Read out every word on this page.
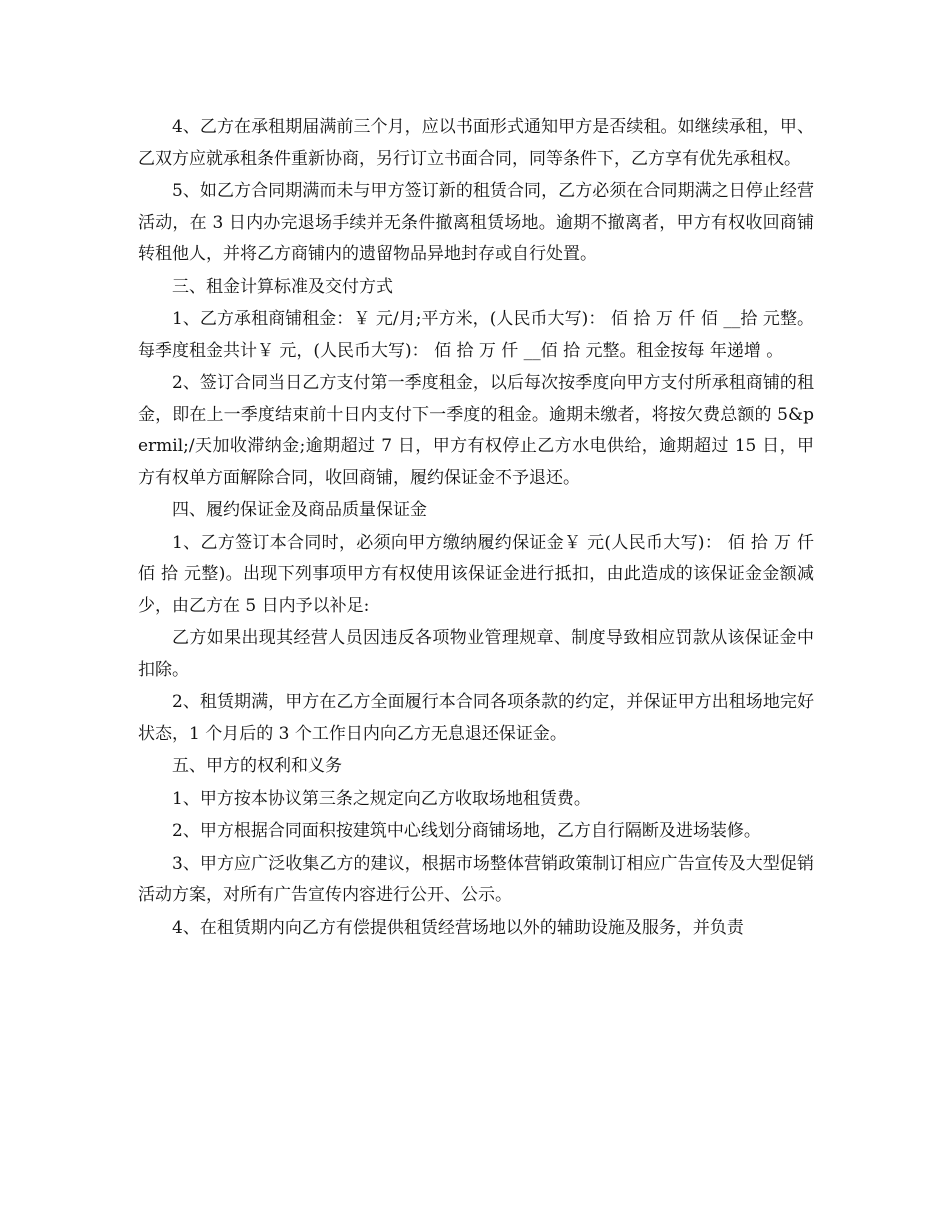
4、乙方在承租期届满前三个月，应以书面形式通知甲方是否续租。如继续承租，甲、乙双方应就承租条件重新协商，另行订立书面合同，同等条件下，乙方享有优先承租权。

5、如乙方合同期满而未与甲方签订新的租赁合同，乙方必须在合同期满之日停止经营活动，在 3 日内办完退场手续并无条件撤离租赁场地。逾期不撤离者，甲方有权收回商铺转租他人，并将乙方商铺内的遗留物品异地封存或自行处置。

三、租金计算标准及交付方式

1、乙方承租商铺租金：￥ 元/月;平方米，(人民币大写)： 佰 拾 万 仟 佰 __拾 元整。每季度租金共计￥ 元，(人民币大写)： 佰 拾 万 仟 __佰 拾 元整。租金按每 年递增 。

2、签订合同当日乙方支付第一季度租金，以后每次按季度向甲方支付所承租商铺的租金，即在上一季度结束前十日内支付下一季度的租金。逾期未缴者，将按欠费总额的 5&permil;/天加收滞纳金;逾期超过 7 日，甲方有权停止乙方水电供给，逾期超过 15 日，甲方有权单方面解除合同，收回商铺，履约保证金不予退还。

四、履约保证金及商品质量保证金

1、乙方签订本合同时，必须向甲方缴纳履约保证金￥ 元(人民币大写)： 佰 拾 万 仟 佰 拾 元整)。出现下列事项甲方有权使用该保证金进行抵扣，由此造成的该保证金金额减少，由乙方在 5 日内予以补足:

乙方如果出现其经营人员因违反各项物业管理规章、制度导致相应罚款从该保证金中扣除。

2、租赁期满，甲方在乙方全面履行本合同各项条款的约定，并保证甲方出租场地完好状态，1 个月后的 3 个工作日内向乙方无息退还保证金。

五、甲方的权利和义务

1、甲方按本协议第三条之规定向乙方收取场地租赁费。

2、甲方根据合同面积按建筑中心线划分商铺场地，乙方自行隔断及进场装修。

3、甲方应广泛收集乙方的建议，根据市场整体营销政策制订相应广告宣传及大型促销活动方案，对所有广告宣传内容进行公开、公示。

4、在租赁期内向乙方有偿提供租赁经营场地以外的辅助设施及服务，并负责
